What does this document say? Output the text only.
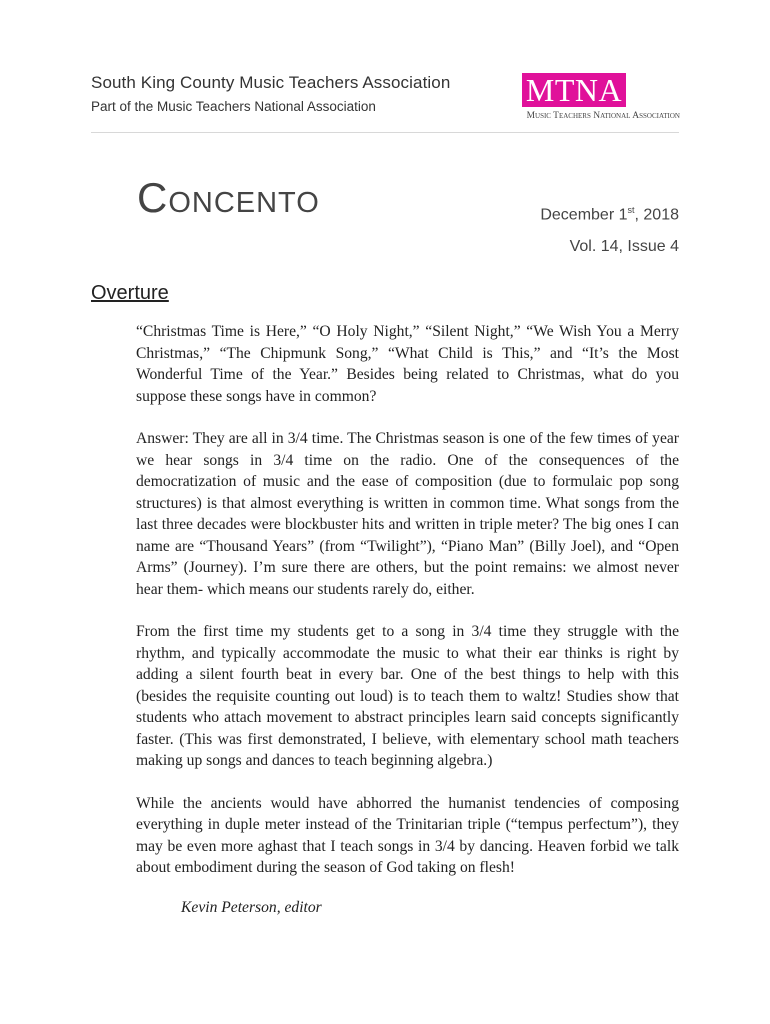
South King County Music Teachers Association
Part of the Music Teachers National Association	MTNA
Music Teachers National Association
Concento	December 1st, 2018
Vol. 14, Issue 4
Overture

“Christmas Time is Here,” “O Holy Night,” “Silent Night,” “We Wish You a Merry Christmas,” “The Chipmunk Song,” “What Child is This,” and “It’s the Most Wonderful Time of the Year.” Besides being related to Christmas, what do you suppose these songs have in common?

Answer: They are all in 3/4 time. The Christmas season is one of the few times of year we hear songs in 3/4 time on the radio. One of the consequences of the democratization of music and the ease of composition (due to formulaic pop song structures) is that almost everything is written in common time. What songs from the last three decades were blockbuster hits and written in triple meter? The big ones I can name are “Thousand Years” (from “Twilight”), “Piano Man” (Billy Joel), and “Open Arms” (Journey). I’m sure there are others, but the point remains: we almost never hear them- which means our students rarely do, either.

From the first time my students get to a song in 3/4 time they struggle with the rhythm, and typically accommodate the music to what their ear thinks is right by adding a silent fourth beat in every bar. One of the best things to help with this (besides the requisite counting out loud) is to teach them to waltz! Studies show that students who attach movement to abstract principles learn said concepts significantly faster. (This was first demonstrated, I believe, with elementary school math teachers making up songs and dances to teach beginning algebra.)

While the ancients would have abhorred the humanist tendencies of composing everything in duple meter instead of the Trinitarian triple (“tempus perfectum”), they may be even more aghast that I teach songs in 3/4 by dancing. Heaven forbid we talk about embodiment during the season of God taking on flesh!

Kevin Peterson, editor
